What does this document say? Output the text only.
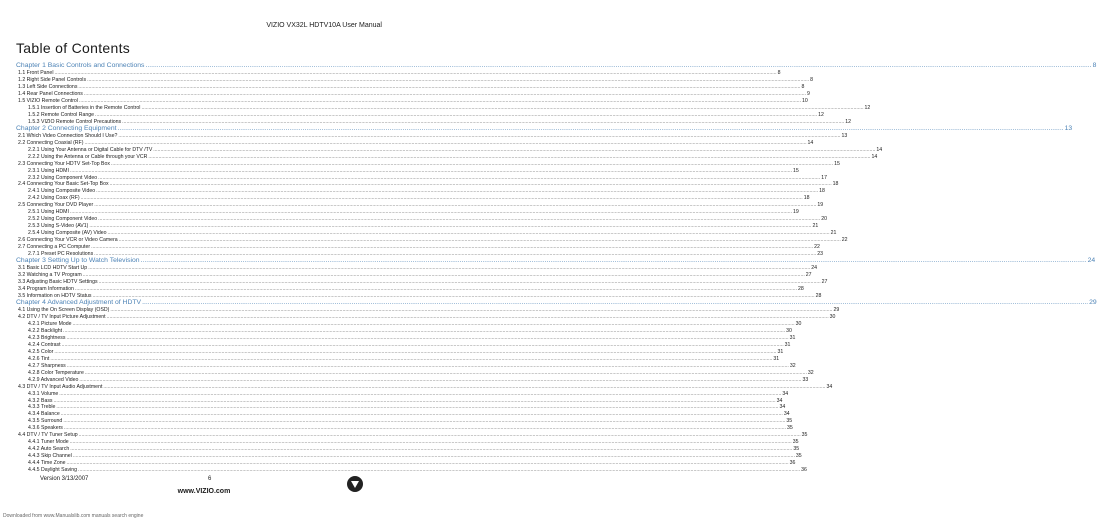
VIZIO VX32L HDTV10A User Manual
Table of Contents
Chapter 1 Basic Controls and Connections .....	8
1.1 Front Panel .....	8
1.2 Right Side Panel Controls .....	8
1.3 Left Side Connections .....	8
1.4 Rear Panel Connections .....	9
1.5 VIZIO Remote Control .....	10
1.5.1 Insertion of Batteries in the Remote Control .....	12
1.5.2 Remote Control Range .....	12
1.5.3 VIZIO Remote Control Precautions .....	12
Chapter 2 Connecting Equipment .....	13
2.1 Which Video Connection Should I Use? .....	13
2.2 Connecting Coaxial (RF) .....	14
2.2.1 Using Your Antenna or Digital Cable for DTV /TV .....	14
2.2.2 Using the Antenna or Cable through your VCR .....	14
2.3 Connecting Your HDTV Set-Top Box .....	15
2.3.1 Using HDMI .....	15
2.3.2 Using Component Video .....	17
2.4 Connecting Your Basic Set-Top Box .....	18
2.4.1 Using Composite Video .....	18
2.4.2 Using Coax (RF) .....	18
2.5 Connecting Your DVD Player .....	19
2.5.1 Using HDMI .....	19
2.5.2 Using Component Video .....	20
2.5.3 Using S-Video (AV1) .....	21
2.5.4 Using Composite (AV) Video .....	21
2.6 Connecting Your VCR or Video Camera .....	22
2.7 Connecting a PC Computer .....	22
2.7.1 Preset PC Resolutions .....	23
Chapter 3 Setting Up to Watch Television .....	24
3.1 Basic LCD HDTV Start Up .....	24
3.2 Watching a TV Program .....	27
3.3 Adjusting Basic HDTV Settings .....	27
3.4 Program Information .....	28
3.5 Information on HDTV Status .....	28
Chapter 4 Advanced Adjustment of HDTV .....	29
4.1 Using the On Screen Display (OSD) .....	29
4.2 DTV / TV Input Picture Adjustment .....	30
4.2.1 Picture Mode .....	30
4.2.2 Backlight .....	30
4.2.3 Brightness .....	31
4.2.4 Contrast .....	31
4.2.5 Color .....	31
4.2.6 Tint .....	31
4.2.7 Sharpness .....	32
4.2.8 Color Temperature .....	32
4.2.9 Advanced Video .....	33
4.3 DTV / TV Input Audio Adjustment .....	34
4.3.1 Volume .....	34
4.3.2 Bass .....	34
4.3.3 Treble .....	34
4.3.4 Balance .....	34
4.3.5 Surround .....	35
4.3.6 Speakers .....	35
4.4 DTV / TV Tuner Setup .....	35
4.4.1 Tuner Mode .....	35
4.4.2 Auto Search .....	35
4.4.3 Skip Channel .....	35
4.4.4 Time Zone .....	36
4.4.5 Daylight Saving .....	36
Version 3/13/2007	6
www.VIZIO.com
Downloaded from www.Manualslib.com manuals search engine
